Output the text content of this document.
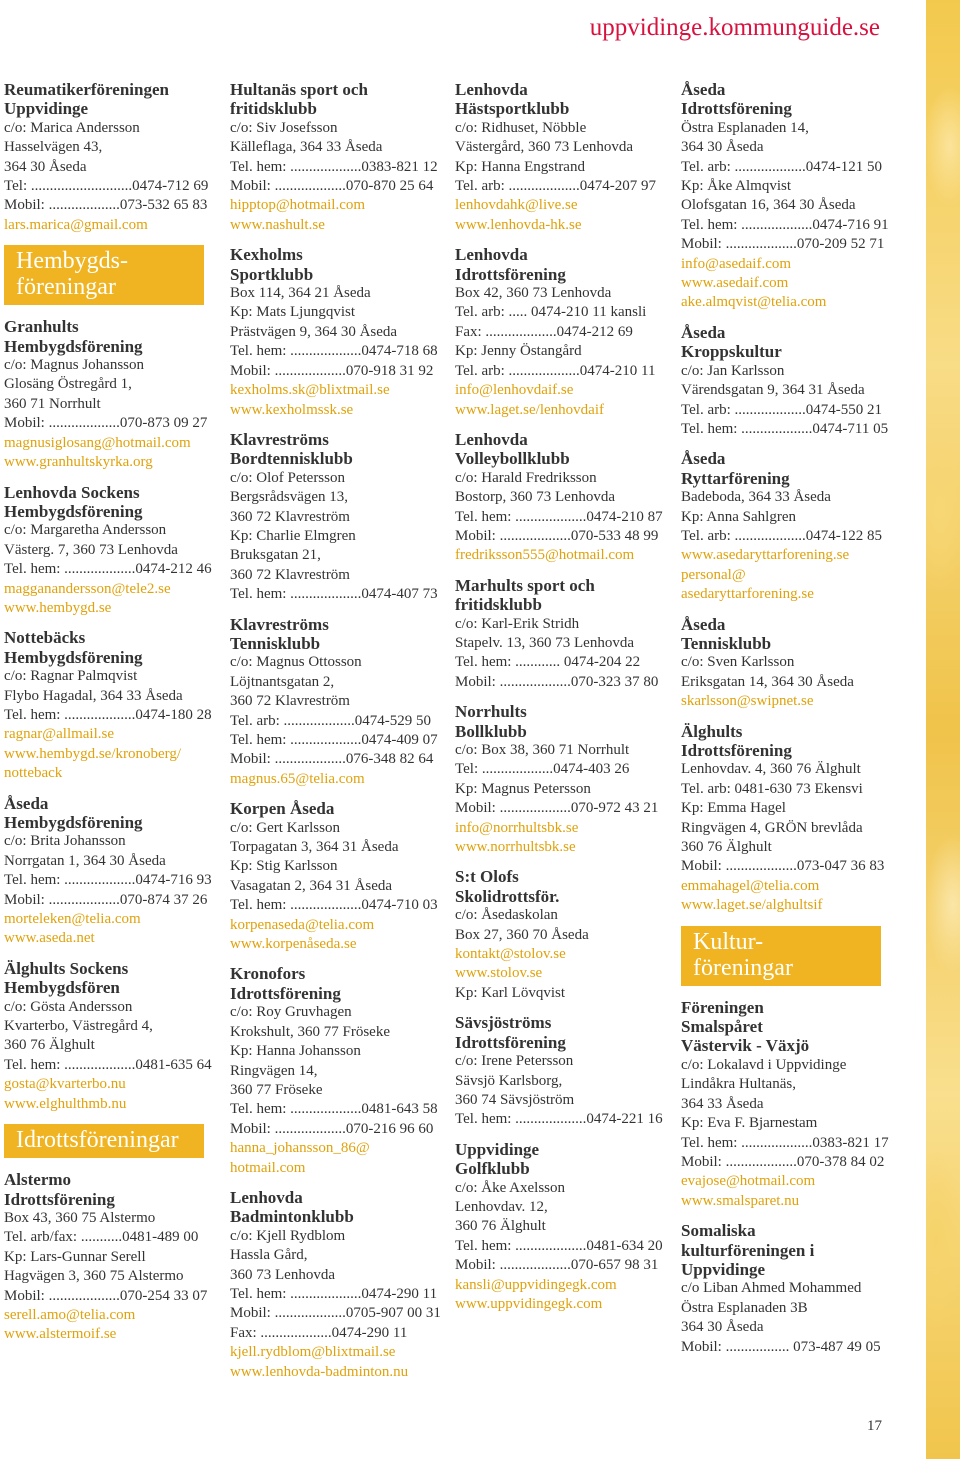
uppvidinge.kommunguide.se
Reumatikerföreningen
Uppvidinge
c/o: Marica Andersson
Hasselvägen 43,
364 30 Åseda
Tel: ...........................0474-712 69
Mobil: ...................073-532 65 83
lars.marica@gmail.com
Hembygds-
föreningar
Granhults
Hembygdsförening
c/o: Magnus Johansson
Glosäng Östregård 1,
360 71 Norrhult
Mobil: ...................070-873 09 27
magnusiglosang@hotmail.com
www.granhultskyrka.org
Lenhovda Sockens
Hembygdsförening
c/o: Margaretha Andersson
Västerg. 7, 360 73 Lenhovda
Tel. hem: ...................0474-212 46
magganandersson@tele2.se
www.hembygd.se
Nottebäcks
Hembygdsförening
c/o: Ragnar Palmqvist
Flybo Hagadal, 364 33 Åseda
Tel. hem: ...................0474-180 28
ragnar@allmail.se
www.hembygd.se/kronoberg/
notteback
Åseda
Hembygdsförening
c/o: Brita Johansson
Norrgatan 1, 364 30 Åseda
Tel. hem: ...................0474-716 93
Mobil: ...................070-874 37 26
morteleken@telia.com
www.aseda.net
Älghults Sockens
Hembygdsfören
c/o: Gösta Andersson
Kvarterbo, Västregård 4,
360 76 Älghult
Tel. hem: ...................0481-635 64
gosta@kvarterbo.nu
www.elghulthmb.nu
Idrottsföreningar
Alstermo
Idrottsförening
Box 43, 360 75 Alstermo
Tel. arb/fax: ...........0481-489 00
Kp: Lars-Gunnar Serell
Hagvägen 3, 360 75 Alstermo
Mobil: ...................070-254 33 07
serell.amo@telia.com
www.alstermoif.se
Hultanäs sport och
fritidsklubb
c/o: Siv Josefsson
Källeflaga, 364 33 Åseda
Tel. hem: ...................0383-821 12
Mobil: ...................070-870 25 64
hipptop@hotmail.com
www.nashult.se
Kexholms
Sportklubb
Box 114, 364 21 Åseda
Kp: Mats Ljungqvist
Prästvägen 9, 364 30 Åseda
Tel. hem: ...................0474-718 68
Mobil: ...................070-918 31 92
kexholms.sk@blixtmail.se
www.kexholmssk.se
Klavreströms
Bordtennisklubb
c/o: Olof Petersson
Bergsrådsvägen 13,
360 72 Klavreström
Kp: Charlie Elmgren
Bruksgatan 21,
360 72 Klavreström
Tel. hem: ...................0474-407 73
Klavreströms
Tennisklubb
c/o: Magnus Ottosson
Löjtnantsgatan 2,
360 72 Klavreström
Tel. arb: ...................0474-529 50
Tel. hem: ...................0474-409 07
Mobil: ...................076-348 82 64
magnus.65@telia.com
Korpen Åseda
c/o: Gert Karlsson
Torpagatan 3, 364 31 Åseda
Kp: Stig Karlsson
Vasagatan 2, 364 31 Åseda
Tel. hem: ...................0474-710 03
korpenaseda@telia.com
www.korpenåseda.se
Kronofors
Idrottsförening
c/o: Roy Gruvhagen
Krokshult, 360 77 Fröseke
Kp: Hanna Johansson
Ringvägen 14,
360 77 Fröseke
Tel. hem: ...................0481-643 58
Mobil: ...................070-216 96 60
hanna_johansson_86@
hotmail.com
Lenhovda
Badmintonklubb
c/o: Kjell Rydblom
Hassla Gård,
360 73 Lenhovda
Tel. hem: ...................0474-290 11
Mobil: ...................0705-907 00 31
Fax: ...................0474-290 11
kjell.rydblom@blixtmail.se
www.lenhovda-badminton.nu
Lenhovda
Hästsportklubb
c/o: Ridhuset, Nöbble
Västergård, 360 73 Lenhovda
Kp: Hanna Engstrand
Tel. arb: ...................0474-207 97
lenhovdahk@live.se
www.lenhovda-hk.se
Lenhovda
Idrottsförening
Box 42, 360 73 Lenhovda
Tel. arb: ..... 0474-210 11 kansli
Fax: ...................0474-212 69
Kp: Jenny Östangård
Tel. arb: ...................0474-210 11
info@lenhovdaif.se
www.laget.se/lenhovdaif
Lenhovda
Volleybollklubb
c/o: Harald Fredriksson
Bostorp, 360 73 Lenhovda
Tel. hem: ...................0474-210 87
Mobil: ...................070-533 48 99
fredriksson555@hotmail.com
Marhults sport och
fritidsklubb
c/o: Karl-Erik Stridh
Stapelv. 13, 360 73 Lenhovda
Tel. hem: ............ 0474-204 22
Mobil: ...................070-323 37 80
Norrhults
Bollklubb
c/o: Box 38, 360 71 Norrhult
Tel: ...................0474-403 26
Kp: Magnus Petersson
Mobil: ...................070-972 43 21
info@norrhultsbk.se
www.norrhultsbk.se
S:t Olofs
Skolidrottsför.
c/o: Åsedaskolan
Box 27, 360 70 Åseda
kontakt@stolov.se
www.stolov.se
Kp: Karl Lövqvist
Sävsjöströms
Idrottsförening
c/o: Irene Petersson
Sävsjö Karlsborg,
360 74 Sävsjöström
Tel. hem: ...................0474-221 16
Uppvidinge
Golfklubb
c/o: Åke Axelsson
Lenhovdav. 12,
360 76 Älghult
Tel. hem: ...................0481-634 20
Mobil: ...................070-657 98 31
kansli@uppvidingegk.com
www.uppvidingegk.com
Åseda
Idrottsförening
Östra Esplanaden 14,
364 30 Åseda
Tel. arb: ...................0474-121 50
Kp: Åke Almqvist
Olofsgatan 16, 364 30 Åseda
Tel. hem: ...................0474-716 91
Mobil: ...................070-209 52 71
info@asedaif.com
www.asedaif.com
ake.almqvist@telia.com
Åseda
Kroppskultur
c/o: Jan Karlsson
Värendsgatan 9, 364 31 Åseda
Tel. arb: ...................0474-550 21
Tel. hem: ...................0474-711 05
Åseda
Ryttarförening
Badeboda, 364 33 Åseda
Kp: Anna Sahlgren
Tel. arb: ...................0474-122 85
www.asedaryttarforening.se
personal@
asedaryttarforening.se
Åseda
Tennisklubb
c/o: Sven Karlsson
Eriksgatan 14, 364 30 Åseda
skarlsson@swipnet.se
Älghults
Idrottsförening
Lenhovdav. 4, 360 76 Älghult
Tel. arb: 0481-630 73 Ekensvi
Kp: Emma Hagel
Ringvägen 4, GRÖN brevlåda
360 76 Älghult
Mobil: ...................073-047 36 83
emmahagel@telia.com
www.laget.se/alghultsif
Kultur-
föreningar
Föreningen
Smalspåret
Västervik - Växjö
c/o: Lokalavd i Uppvidinge
Lindåkra Hultanäs,
364 33 Åseda
Kp: Eva F. Bjarnestam
Tel. hem: ...................0383-821 17
Mobil: ...................070-378 84 02
evajose@hotmail.com
www.smalsparet.nu
Somaliska
kulturföreningen i
Uppvidinge
c/o Liban Ahmed Mohammed
Östra Esplanaden 3B
364 30 Åseda
Mobil: ................. 073-487 49 05
17
